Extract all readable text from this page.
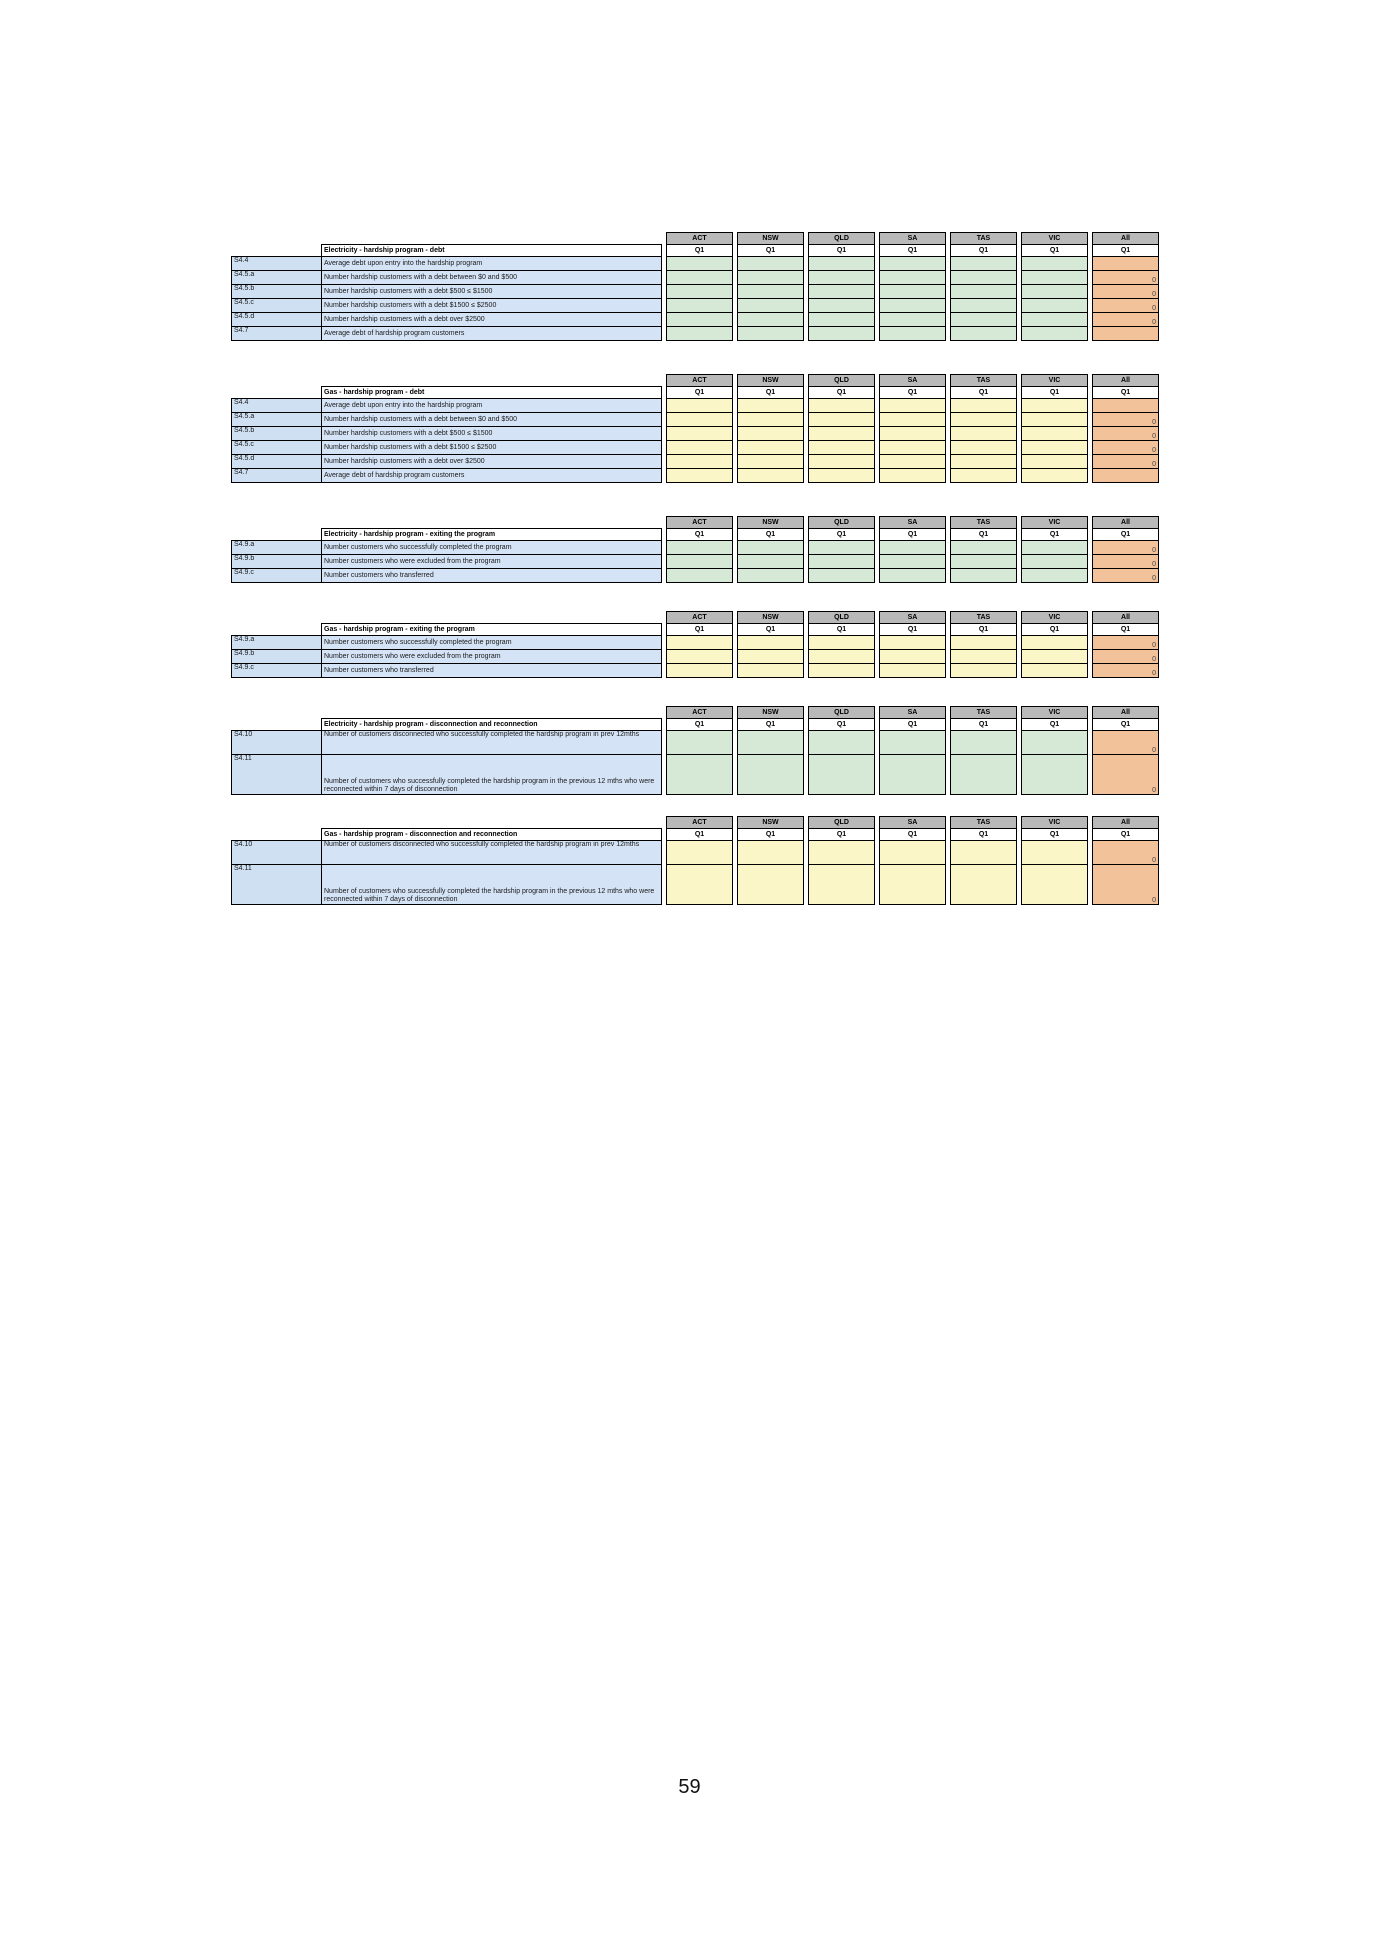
			ACT		NSW		QLD		SA		TAS		VIC		All
	Electricity - hardship program - debt		Q1		Q1		Q1		Q1		Q1		Q1		Q1
S4.4	Average debt upon entry into the hardship program														
S4.5.a	Number hardship customers with a debt between $0 and $500														0
S4.5.b	Number hardship customers with a debt $500 ≤ $1500														0
S4.5.c	Number hardship customers with a debt $1500 ≤ $2500														0
S4.5.d	Number hardship customers with a debt over $2500														0
S4.7	Average debt of hardship program customers														
			ACT		NSW		QLD		SA		TAS		VIC		All
	Gas - hardship program - debt		Q1		Q1		Q1		Q1		Q1		Q1		Q1
S4.4	Average debt upon entry into the hardship program														
S4.5.a	Number hardship customers with a debt between $0 and $500														0
S4.5.b	Number hardship customers with a debt $500 ≤ $1500														0
S4.5.c	Number hardship customers with a debt $1500 ≤ $2500														0
S4.5.d	Number hardship customers with a debt over $2500														0
S4.7	Average debt of hardship program customers														
			ACT		NSW		QLD		SA		TAS		VIC		All
	Electricity - hardship program - exiting the program		Q1		Q1		Q1		Q1		Q1		Q1		Q1
S4.9.a	Number customers who successfully completed the program														0
S4.9.b	Number customers who were excluded from the program														0
S4.9.c	Number customers who transferred														0
			ACT		NSW		QLD		SA		TAS		VIC		All
	Gas - hardship program - exiting the program		Q1		Q1		Q1		Q1		Q1		Q1		Q1
S4.9.a	Number customers who successfully completed the program														0
S4.9.b	Number customers who were excluded from the program														0
S4.9.c	Number customers who transferred														0
			ACT		NSW		QLD		SA		TAS		VIC		All
	Electricity - hardship program - disconnection and reconnection		Q1		Q1		Q1		Q1		Q1		Q1		Q1
S4.10	Number of customers disconnected who successfully completed the hardship program in prev 12mths														0
S4.11	Number of customers who successfully completed the hardship program in the previous 12 mths who were reconnected within 7 days of disconnection														0
			ACT		NSW		QLD		SA		TAS		VIC		All
	Gas - hardship program - disconnection and reconnection		Q1		Q1		Q1		Q1		Q1		Q1		Q1
S4.10	Number of customers disconnected who successfully completed the hardship program in prev 12mths														0
S4.11	Number of customers who successfully completed the hardship program in the previous 12 mths who were reconnected within 7 days of disconnection														0
59
